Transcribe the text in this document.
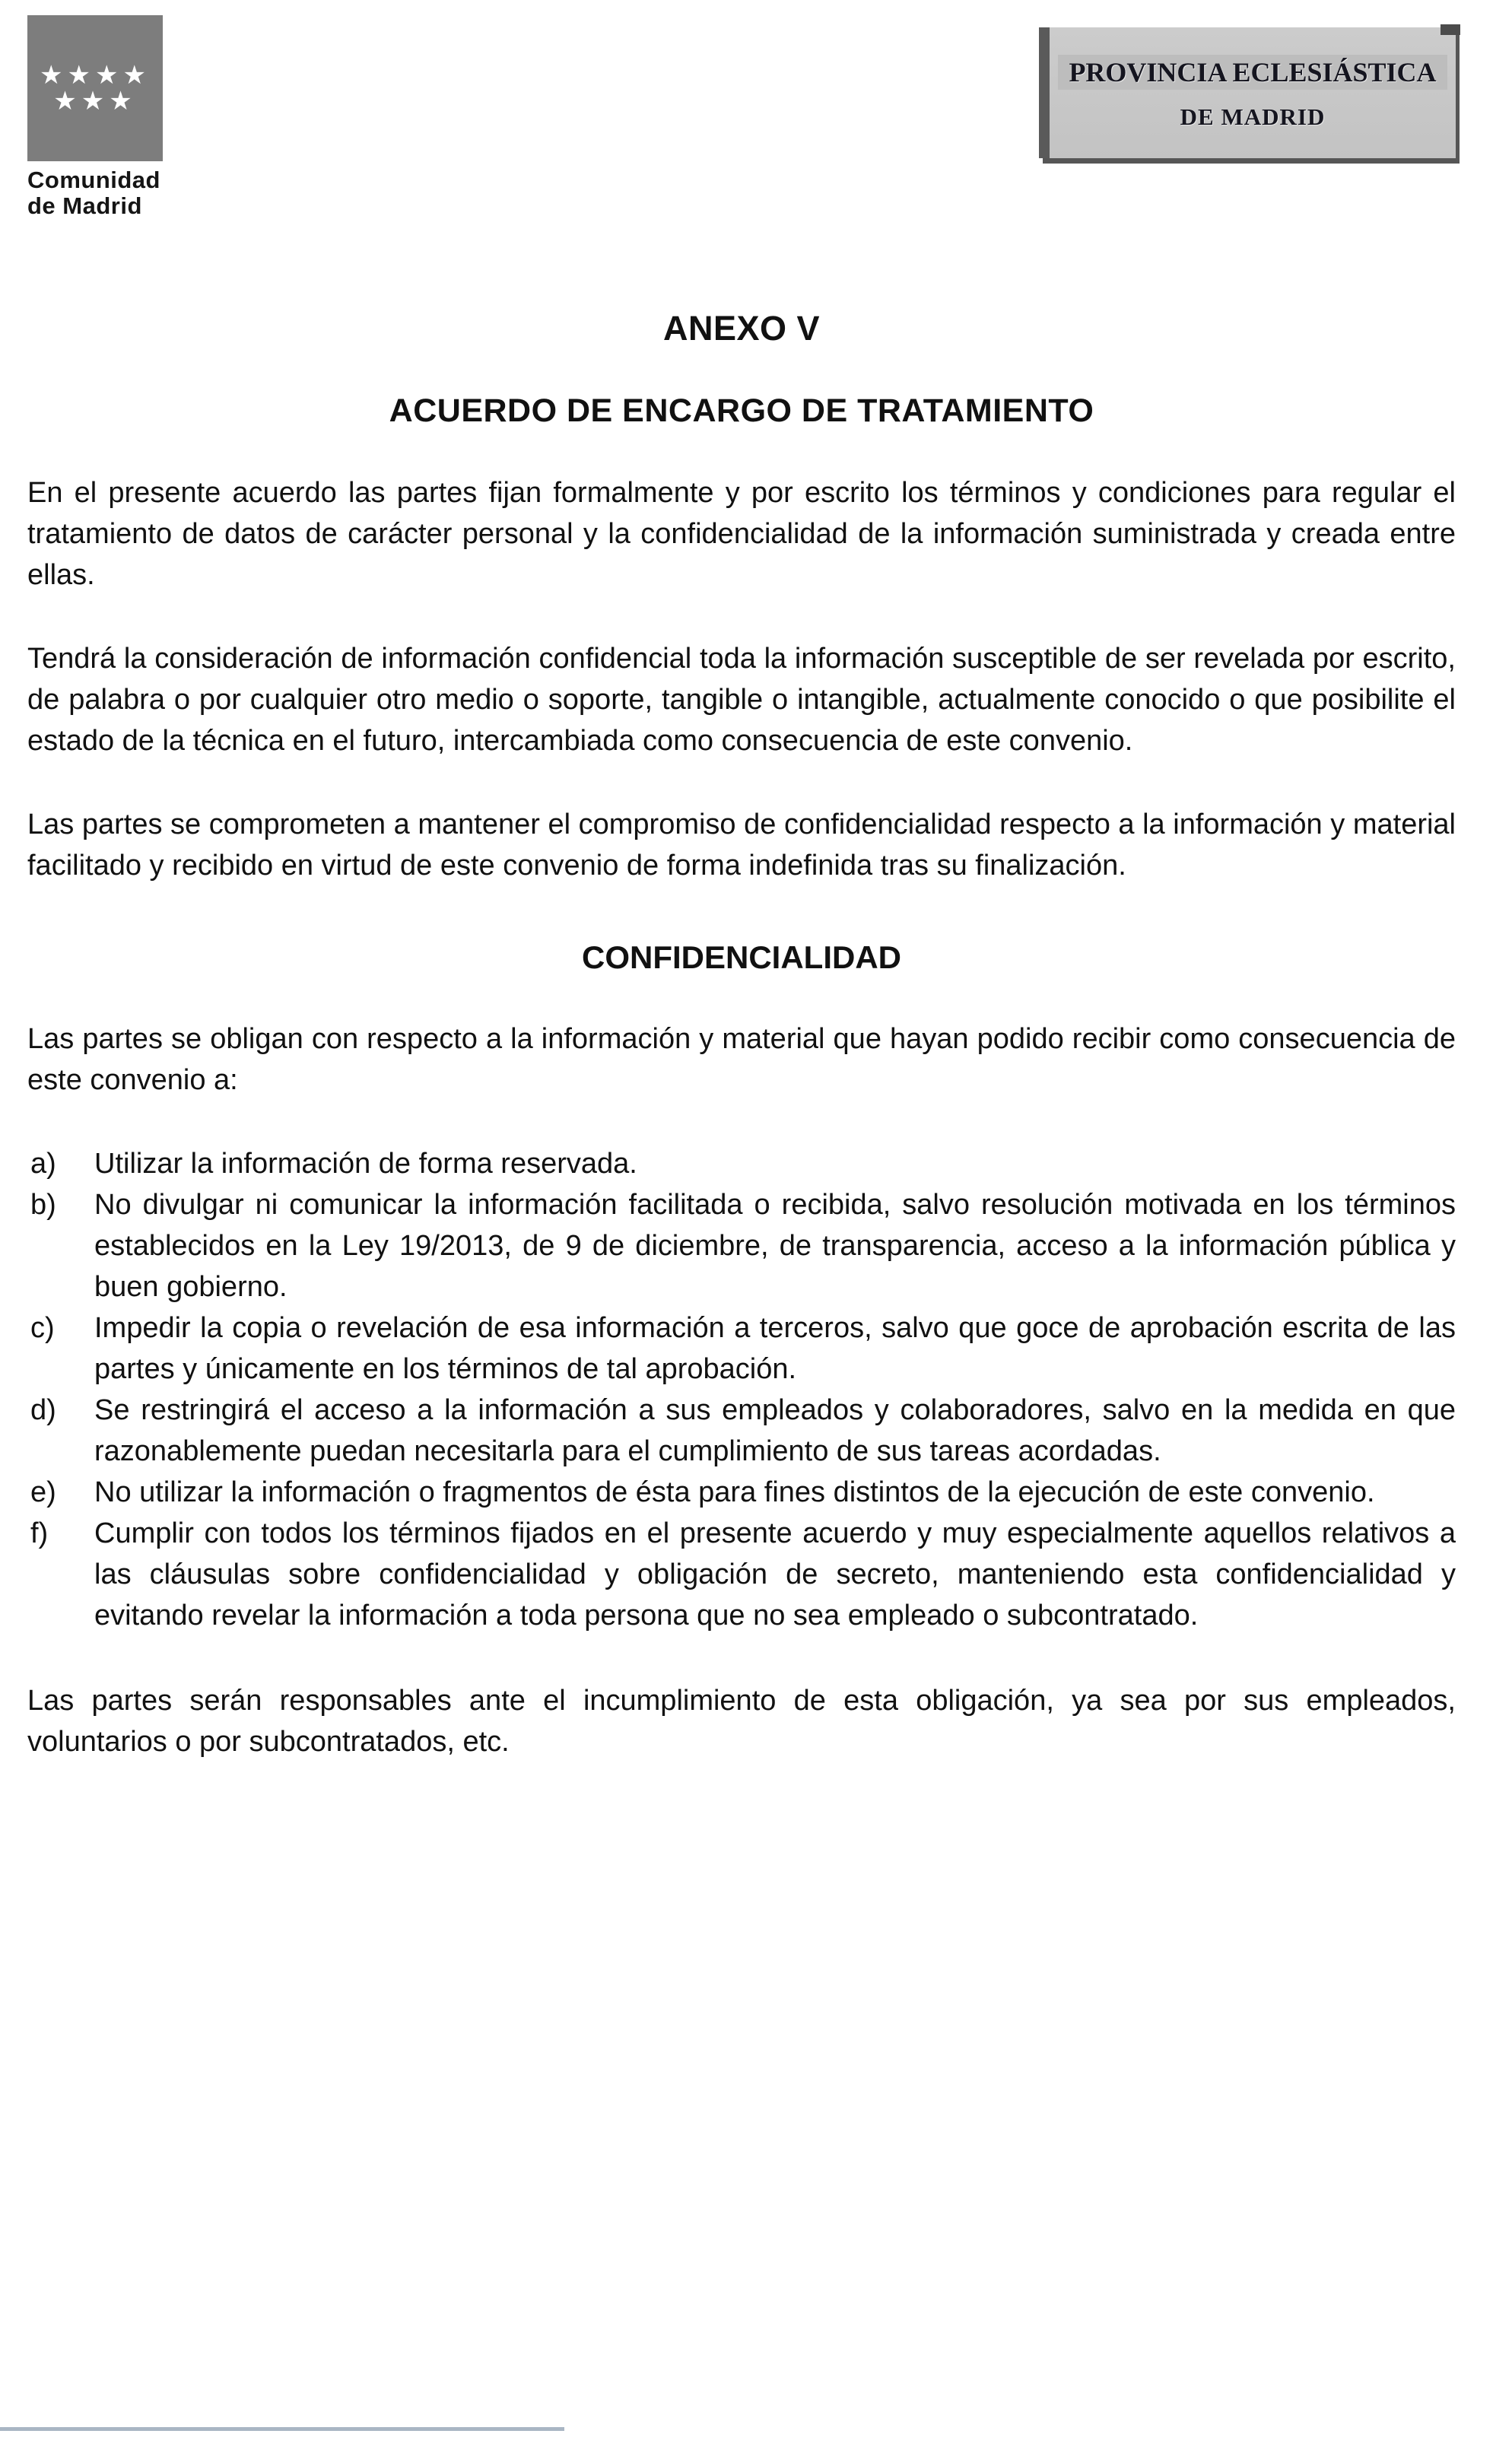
★★★★
★★★
Comunidad
de Madrid
PROVINCIA ECLESIÁSTICA
DE MADRID
ANEXO V
ACUERDO DE ENCARGO DE TRATAMIENTO

En el presente acuerdo las partes fijan formalmente y por escrito los términos y condiciones para regular el tratamiento de datos de carácter personal y la confidencialidad de la información suministrada y creada entre ellas.

Tendrá la consideración de información confidencial toda la información susceptible de ser revelada por escrito, de palabra o por cualquier otro medio o soporte, tangible o intangible, actualmente conocido o que posibilite el estado de la técnica en el futuro, intercambiada como consecuencia de este convenio.

Las partes se comprometen a mantener el compromiso de confidencialidad respecto a la información y material facilitado y recibido en virtud de este convenio de forma indefinida tras su finalización.

CONFIDENCIALIDAD

Las partes se obligan con respecto a la información y material que hayan podido recibir como consecuencia de este convenio a:

a) Utilizar la información de forma reservada.
b) No divulgar ni comunicar la información facilitada o recibida, salvo resolución motivada en los términos establecidos en la Ley 19/2013, de 9 de diciembre, de transparencia, acceso a la información pública y buen gobierno.
c) Impedir la copia o revelación de esa información a terceros, salvo que goce de aprobación escrita de las partes y únicamente en los términos de tal aprobación.
d) Se restringirá el acceso a la información a sus empleados y colaboradores, salvo en la medida en que razonablemente puedan necesitarla para el cumplimiento de sus tareas acordadas.
e) No utilizar la información o fragmentos de ésta para fines distintos de la ejecución de este convenio.
f) Cumplir con todos los términos fijados en el presente acuerdo y muy especialmente aquellos relativos a las cláusulas sobre confidencialidad y obligación de secreto, manteniendo esta confidencialidad y evitando revelar la información a toda persona que no sea empleado o subcontratado.

Las partes serán responsables ante el incumplimiento de esta obligación, ya sea por sus empleados, voluntarios o por subcontratados, etc.
